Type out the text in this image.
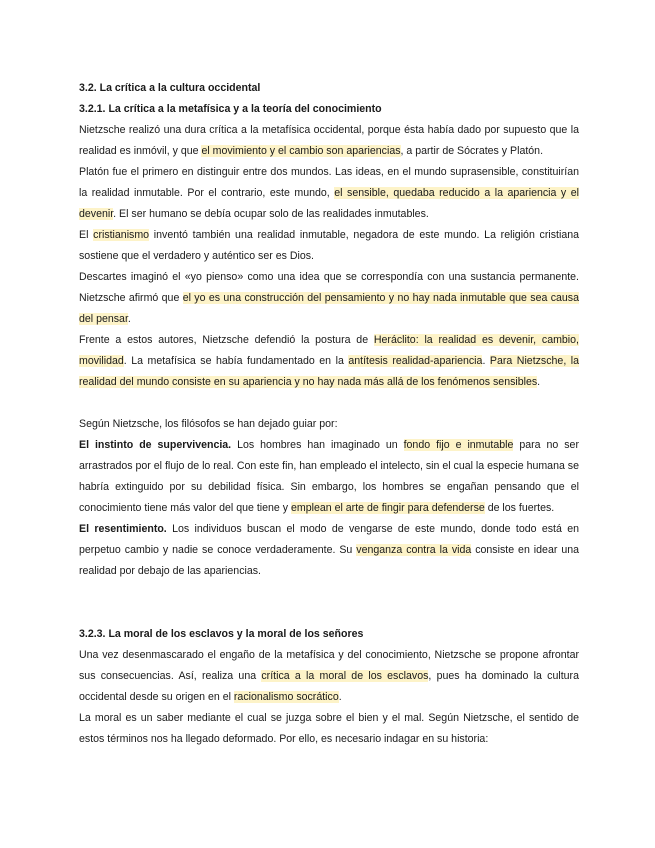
3.2. La crítica a la cultura occidental
3.2.1. La crítica a la metafísica y a la teoría del conocimiento

Nietzsche realizó una dura crítica a la metafísica occidental, porque ésta había dado por supuesto que la realidad es inmóvil, y que el movimiento y el cambio son apariencias, a partir de Sócrates y Platón.

Platón fue el primero en distinguir entre dos mundos. Las ideas, en el mundo suprasensible, constituirían la realidad inmutable. Por el contrario, este mundo, el sensible, quedaba reducido a la apariencia y el devenir. El ser humano se debía ocupar solo de las realidades inmutables.

El cristianismo inventó también una realidad inmutable, negadora de este mundo. La religión cristiana sostiene que el verdadero y auténtico ser es Dios.

Descartes imaginó el «yo pienso» como una idea que se correspondía con una sustancia permanente. Nietzsche afirmó que el yo es una construcción del pensamiento y no hay nada inmutable que sea causa del pensar.

Frente a estos autores, Nietzsche defendió la postura de Heráclito: la realidad es devenir, cambio, movilidad. La metafísica se había fundamentado en la antítesis realidad-apariencia. Para Nietzsche, la realidad del mundo consiste en su apariencia y no hay nada más allá de los fenómenos sensibles.

Según Nietzsche, los filósofos se han dejado guiar por:

El instinto de supervivencia. Los hombres han imaginado un fondo fijo e inmutable para no ser arrastrados por el flujo de lo real. Con este fin, han empleado el intelecto, sin el cual la especie humana se habría extinguido por su debilidad física. Sin embargo, los hombres se engañan pensando que el conocimiento tiene más valor del que tiene y emplean el arte de fingir para defenderse de los fuertes.

El resentimiento. Los individuos buscan el modo de vengarse de este mundo, donde todo está en perpetuo cambio y nadie se conoce verdaderamente. Su venganza contra la vida consiste en idear una realidad por debajo de las apariencias.

3.2.3. La moral de los esclavos y la moral de los señores

Una vez desenmascarado el engaño de la metafísica y del conocimiento, Nietzsche se propone afrontar sus consecuencias. Así, realiza una crítica a la moral de los esclavos, pues ha dominado la cultura occidental desde su origen en el racionalismo socrático.

La moral es un saber mediante el cual se juzga sobre el bien y el mal. Según Nietzsche, el sentido de estos términos nos ha llegado deformado. Por ello, es necesario indagar en su historia:
